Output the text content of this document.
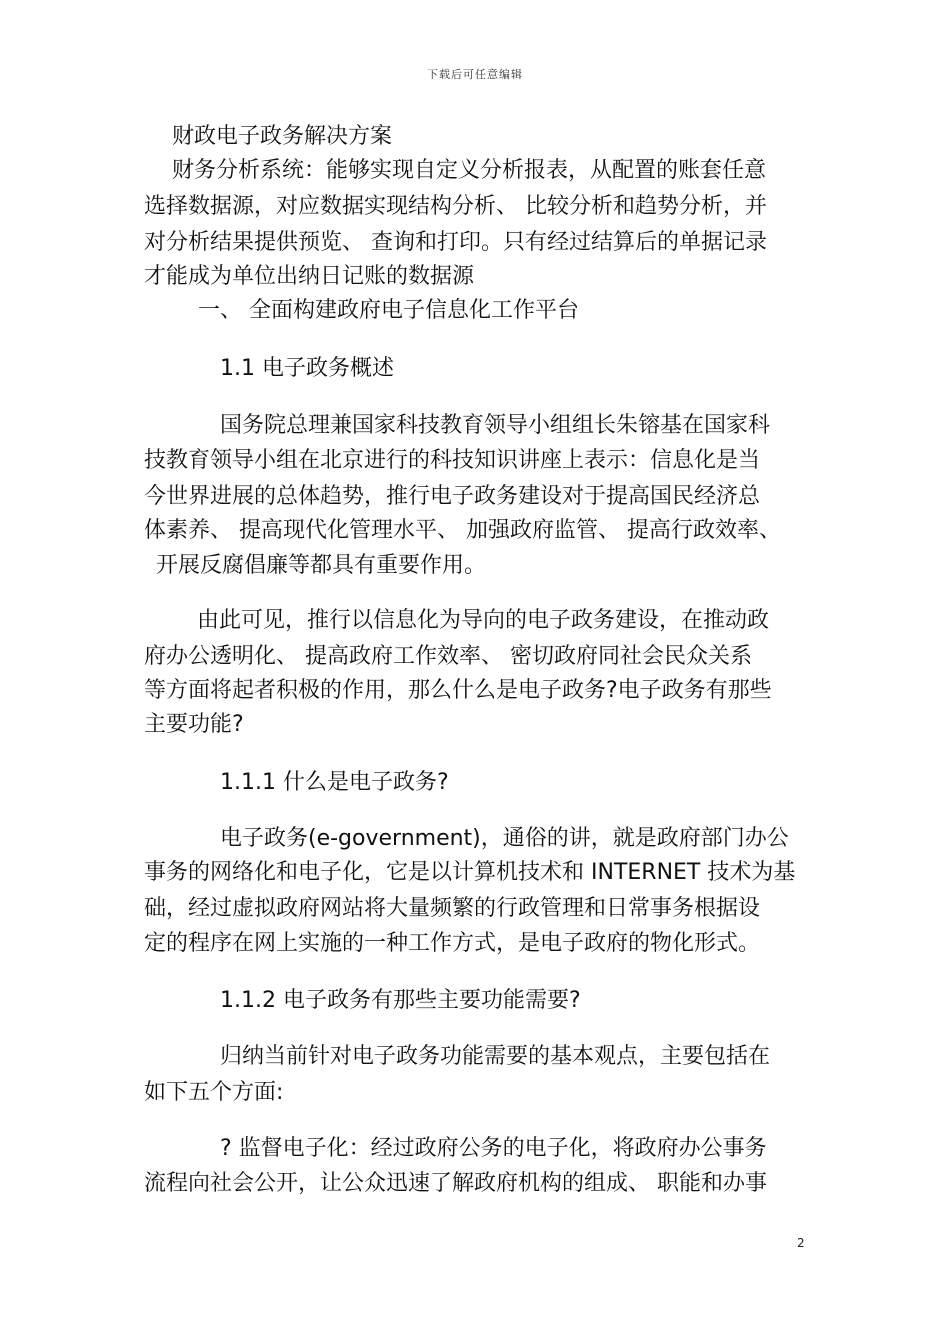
下载后可任意编辑
财政电子政务解决方案
财务分析系统：能够实现自定义分析报表，从配置的账套任意
选择数据源，对应数据实现结构分析、 比较分析和趋势分析，并
对分析结果提供预览、 查询和打印。只有经过结算后的单据记录
才能成为单位出纳日记账的数据源
一、 全面构建政府电子信息化工作平台
1.1 电子政务概述
国务院总理兼国家科技教育领导小组组长朱镕基在国家科
技教育领导小组在北京进行的科技知识讲座上表示：信息化是当
今世界进展的总体趋势，推行电子政务建设对于提高国民经济总
体素养、 提高现代化管理水平、 加强政府监管、 提高行政效率、
开展反腐倡廉等都具有重要作用。
由此可见，推行以信息化为导向的电子政务建设，在推动政
府办公透明化、 提高政府工作效率、 密切政府同社会民众关系
等方面将起者积极的作用，那么什么是电子政务?电子政务有那些
主要功能?
1.1.1 什么是电子政务?
电子政务(e-government)，通俗的讲，就是政府部门办公
事务的网络化和电子化，它是以计算机技术和 INTERNET 技术为基
础，经过虚拟政府网站将大量频繁的行政管理和日常事务根据设
定的程序在网上实施的一种工作方式，是电子政府的物化形式。
1.1.2 电子政务有那些主要功能需要?
归纳当前针对电子政务功能需要的基本观点，主要包括在
如下五个方面:
? 监督电子化：经过政府公务的电子化，将政府办公事务
流程向社会公开，让公众迅速了解政府机构的组成、 职能和办事
2
